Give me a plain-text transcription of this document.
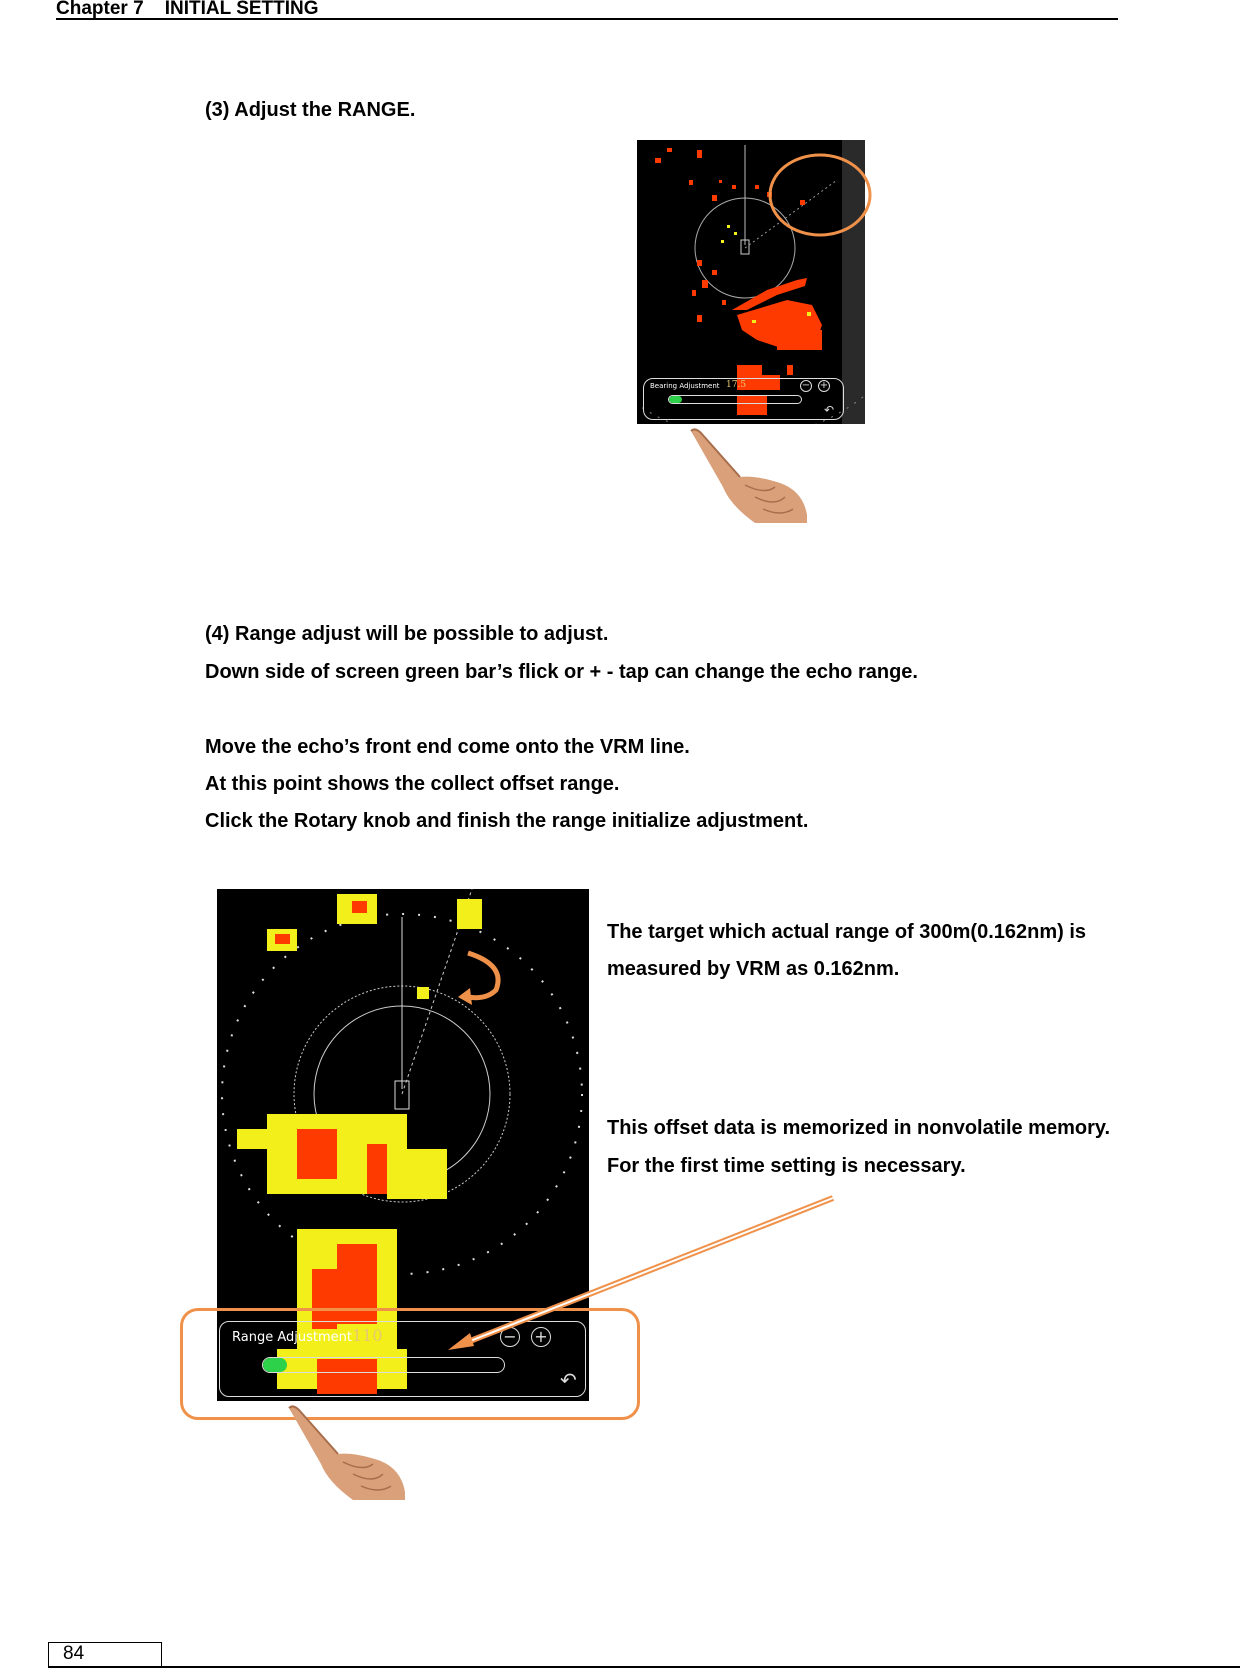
Chapter 7 INITIAL SETTING
(3) Adjust the RANGE.
Bearing Adjustment 17.5	− +
↶
(4) Range adjust will be possible to adjust.
Down side of screen green bar’s flick or + - tap can change the echo range.
Move the echo’s front end come onto the VRM line.
At this point shows the collect offset range.
Click the Rotary knob and finish the range initialize adjustment.
Range Adjustment 110	− +
↶
The target which actual range of 300m(0.162nm) is
measured by VRM as 0.162nm.
This offset data is memorized in nonvolatile memory.
For the first time setting is necessary.
84
